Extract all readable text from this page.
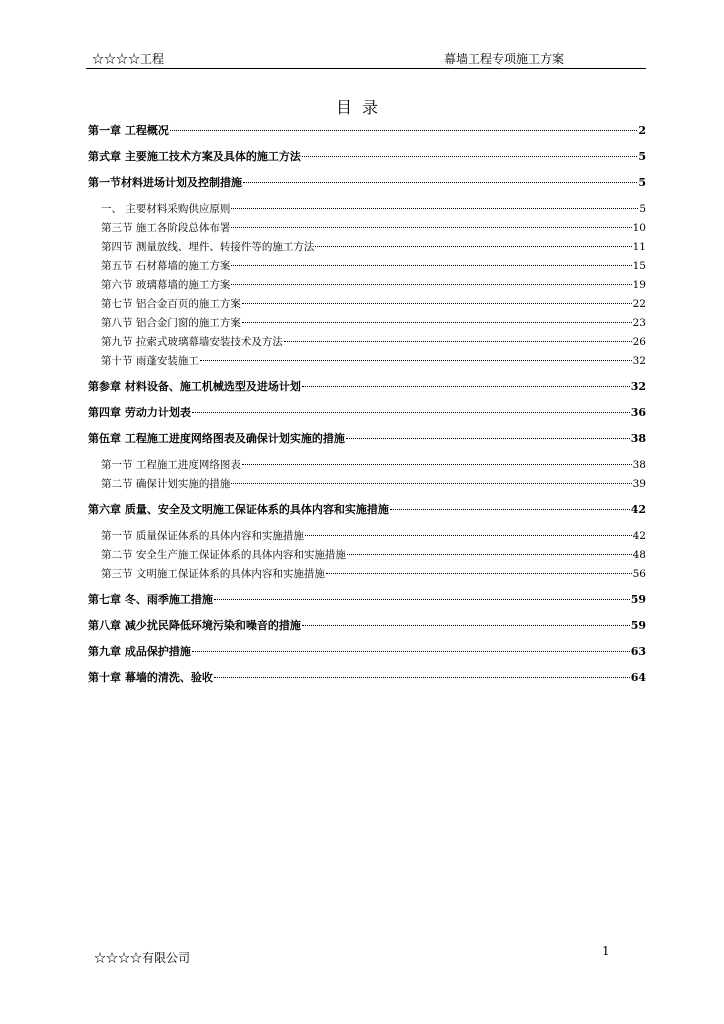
☆☆☆☆工程	幕墙工程专项施工方案
目录
第一章 工程概况	2
第式章 主要施工技术方案及具体的施工方法	5
第一节材料进场计划及控制措施	5
一、 主要材料采购供应原则	5
第三节 施工各阶段总体布署	10
第四节 测量放线、埋件、转接件等的施工方法	11
第五节 石材幕墙的施工方案	15
第六节 玻璃幕墙的施工方案	19
第七节 铝合金百页的施工方案	22
第八节 铝合金门窗的施工方案	23
第九节 拉索式玻璃幕墙安装技术及方法	26
第十节 雨蓬安装施工	32
第参章 材料设备、施工机械选型及进场计划	32
第四章 劳动力计划表	36
第伍章 工程施工进度网络图表及确保计划实施的措施	38
第一节 工程施工进度网络图表	38
第二节 确保计划实施的措施	39
第六章 质量、安全及文明施工保证体系的具体内容和实施措施	42
第一节 质量保证体系的具体内容和实施措施	42
第二节 安全生产施工保证体系的具体内容和实施措施	48
第三节 文明施工保证体系的具体内容和实施措施	56
第七章 冬、雨季施工措施	59
第八章 减少扰民降低环境污染和噪音的措施	59
第九章 成品保护措施	63
第十章 幕墙的清洗、验收	64
☆☆☆☆有限公司	1
